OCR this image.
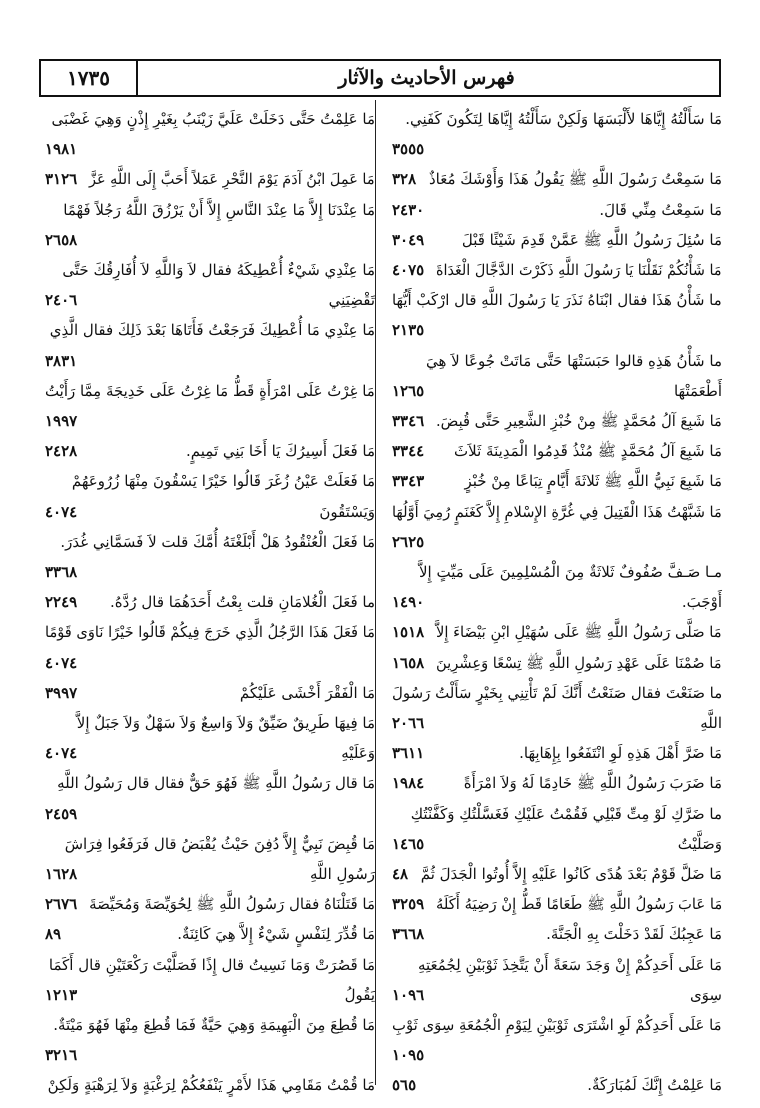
فهرس الأحاديث والآثار
١٧٣٥
مَا سَأَلْتُهُ إِيَّاهَا لأَلْبَسَهَا وَلَكِنْ سَأَلْتُهُ إِيَّاهَا لِتَكُونَ كَفَنِي.
٣٥٥٥
مَا سَمِعْتُ رَسُولَ اللَّهِ ﷺ يَقُولُ هَذَا وَأَوْشَكَ مُعَاذٌ
٣٢٨
مَا سَمِعْتُ مِنِّي قَالَ.
٢٤٣٠
مَا سُئِلَ رَسُولُ اللَّهِ ﷺ عَمَّنْ قَدِمَ شَيْئًا قَبْلَ
٣٠٤٩
مَا شَأْنُكُمْ نَقَلْنَا يَا رَسُولَ اللَّهِ ذَكَرْتَ الدَّجَّالَ الْغَدَاةَ
٤٠٧٥
ما شَأْنُ هَذَا فقال ابْنَاهُ نَذَرَ يَا رَسُولَ اللَّهِ قال ارْكَبْ أَيُّهَا
٢١٣٥
ما شَأْنُ هَذِهِ قالوا حَبَسَتْهَا حَتَّى مَاتَتْ جُوعًا لاَ هِيَ
أَطْعَمَتْهَا
١٢٦٥
مَا شَبِعَ آلُ مُحَمَّدٍ ﷺ مِنْ خُبْزِ الشَّعِيرِ حَتَّى قُبِضَ.
٣٣٤٦
مَا شَبِعَ آلُ مُحَمَّدٍ ﷺ مُنْذُ قَدِمُوا الْمَدِينَةَ ثَلاَثَ
٣٣٤٤
مَا شَبِعَ نَبِيُّ اللَّهِ ﷺ ثَلاثَةَ أَيَّامٍ تِبَاعًا مِنْ خُبْزٍ
٣٣٤٣
مَا شَبَّهْتُ هَذَا الْقَتِيلَ فِي غُرَّةِ الإِسْلامِ إِلاَّ كَغَنَمٍ رُمِيَ أَوَّلُهَا
٢٦٢٥
مـا صَـفَّ صُفُوفٌ ثَلاثَةٌ مِنَ الْمُسْلِمِينَ عَلَى مَيِّتٍ إِلاَّ
أَوْجَبَ.
١٤٩٠
مَا صَلَّى رَسُولُ اللَّهِ ﷺ عَلَى سُهَيْلِ ابْنِ بَيْضَاءَ إِلاَّ
١٥١٨
مَا صُمْنَا عَلَى عَهْدِ رَسُولِ اللَّهِ ﷺ تِسْعًا وَعِشْرِينَ
١٦٥٨
ما صَنَعْتَ فقال صَنَعْتُ أَنَّكَ لَمْ تَأْتِنِي بِخَيْرٍ سَأَلْتُ رَسُولَ
اللَّهِ
٢٠٦٦
مَا ضَرَّ أَهْلَ هَذِهِ لَوِ انْتَفَعُوا بِإِهَابِهَا.
٣٦١١
مَا ضَرَبَ رَسُولُ اللَّهِ ﷺ خَادِمًا لَهُ وَلاَ امْرَأَةً
١٩٨٤
ما ضَرَّكِ لَوْ مِتِّ قَبْلِي فَقُمْتُ عَلَيْكِ فَغَسَّلْتُكِ وَكَفَّنْتُكِ
وَصَلَّيْتُ
١٤٦٥
مَا ضَلَّ قَوْمٌ بَعْدَ هُدًى كَانُوا عَلَيْهِ إِلاَّ أُوتُوا الْجَدَلَ ثُمَّ
٤٨
مَا عَابَ رَسُولُ اللَّهِ ﷺ طَعَامًا قَطُّ إِنْ رَضِيَهُ أَكَلَهُ
٣٢٥٩
مَا عَجِبُكَ لَقَدْ دَخَلْتَ بِهِ الْجَنَّةَ.
٣٦٦٨
مَا عَلَى أَحَدِكُمْ إِنْ وَجَدَ سَعَةً أَنْ يَتَّخِذَ ثَوْبَيْنِ لِجُمُعَتِهِ
سِوَى
١٠٩٦
مَا عَلَى أَحَدِكُمْ لَوِ اشْتَرَى ثَوْبَيْنِ لِيَوْمِ الْجُمُعَةِ سِوَى ثَوْبِ
١٠٩٥
مَا عَلِمْتُ إِنَّكَ لَمُبَارَكَةٌ.
٥٦٥
مَا عَلِمْتُ حَتَّى دَخَلَتْ عَلَيَّ زَيْنَبُ بِغَيْرِ إِذْنٍ وَهِيَ غَضْبَى
١٩٨١
مَا عَمِلَ ابْنُ آدَمَ يَوْمَ النَّحْرِ عَمَلاً أَحَبَّ إِلَى اللَّهِ عَزَّ
٣١٢٦
مَا عِنْدَنَا إِلاَّ مَا عِنْدَ النَّاسِ إِلاَّ أَنْ يَرْزُقَ اللَّهُ رَجُلاً فَهْمًا
٢٦٥٨
مَا عِنْدِي شَيْءٌ أُعْطِيكَهُ فقال لاَ وَاللَّهِ لاَ أُفَارِقُكَ حَتَّى
تَقْضِيَنِي
٢٤٠٦
مَا عِنْدِي مَا أُعْطِيكَ فَرَجَعْتُ فَأَتَاهَا بَعْدَ ذَلِكَ فقال الَّذِي
٣٨٣١
مَا غِرْتُ عَلَى امْرَأَةٍ قَطُّ مَا غِرْتُ عَلَى خَدِيجَةَ مِمَّا رَأَيْتُ
١٩٩٧
مَا فَعَلَ أَسِيرُكَ يَا أَخَا بَنِي تَمِيمٍ.
٢٤٢٨
مَا فَعَلَتْ عَيْنُ زُغَرَ قَالُوا خَيْرًا يَسْقُونَ مِنْهَا زُرُوعَهُمْ
وَيَسْتَقُونَ
٤٠٧٤
مَا فَعَلَ الْعُنْقُودُ هَلْ أَبْلَغْتَهُ أُمَّكَ قلت لاَ فَسَمَّانِي غُدَرَ.
٣٣٦٨
ما فَعَلَ الْغُلامَانِ قلت بِعْتُ أَحَدَهُمَا قال رُدَّهُ.
٢٢٤٩
مَا فَعَلَ هَذَا الرَّجُلُ الَّذِي خَرَجَ فِيكُمْ قَالُوا خَيْرًا نَاوَى قَوْمًا
٤٠٧٤
مَا الْفَقْرَ أَخْشَى عَلَيْكُمْ
٣٩٩٧
مَا فِيهَا طَرِيقٌ ضَيِّقٌ وَلاَ وَاسِعٌ وَلاَ سَهْلٌ وَلاَ جَبَلٌ إِلاَّ
وَعَلَيْهِ
٤٠٧٤
مَا قال رَسُولُ اللَّهِ ﷺ فَهُوَ حَقٌّ فقال قال رَسُولُ اللَّهِ
٢٤٥٩
مَا قُبِضَ نَبِيٌّ إِلاَّ دُفِنَ حَيْثُ يُقْبَضُ قال فَرَفَعُوا فِرَاشَ
رَسُولِ اللَّهِ
١٦٢٨
مَا قَتَلْنَاهُ فقال رَسُولُ اللَّهِ ﷺ لِحُوَيِّصَةَ وَمُحَيِّصَةَ
٢٦٧٦
مَا قُدِّرَ لِنَفْسٍ شَيْءٌ إِلاَّ هِيَ كَائِنَةٌ.
٨٩
مَا قَصُرَتْ وَمَا نَسِيتُ قال إِذًا فَصَلَّيْتَ رَكْعَتَيْنِ قال أَكَمَا
يَقُولُ
١٢١٣
مَا قُطِعَ مِنَ الْبَهِيمَةِ وَهِيَ حَيَّةٌ فَمَا قُطِعَ مِنْهَا فَهُوَ مَيْتَةٌ.
٣٢١٦
مَا قُمْتُ مَقَامِي هَذَا لأَمْرٍ يَنْفَعُكُمْ لِرَغْبَةٍ وَلاَ لِرَهْبَةٍ وَلَكِنْ
